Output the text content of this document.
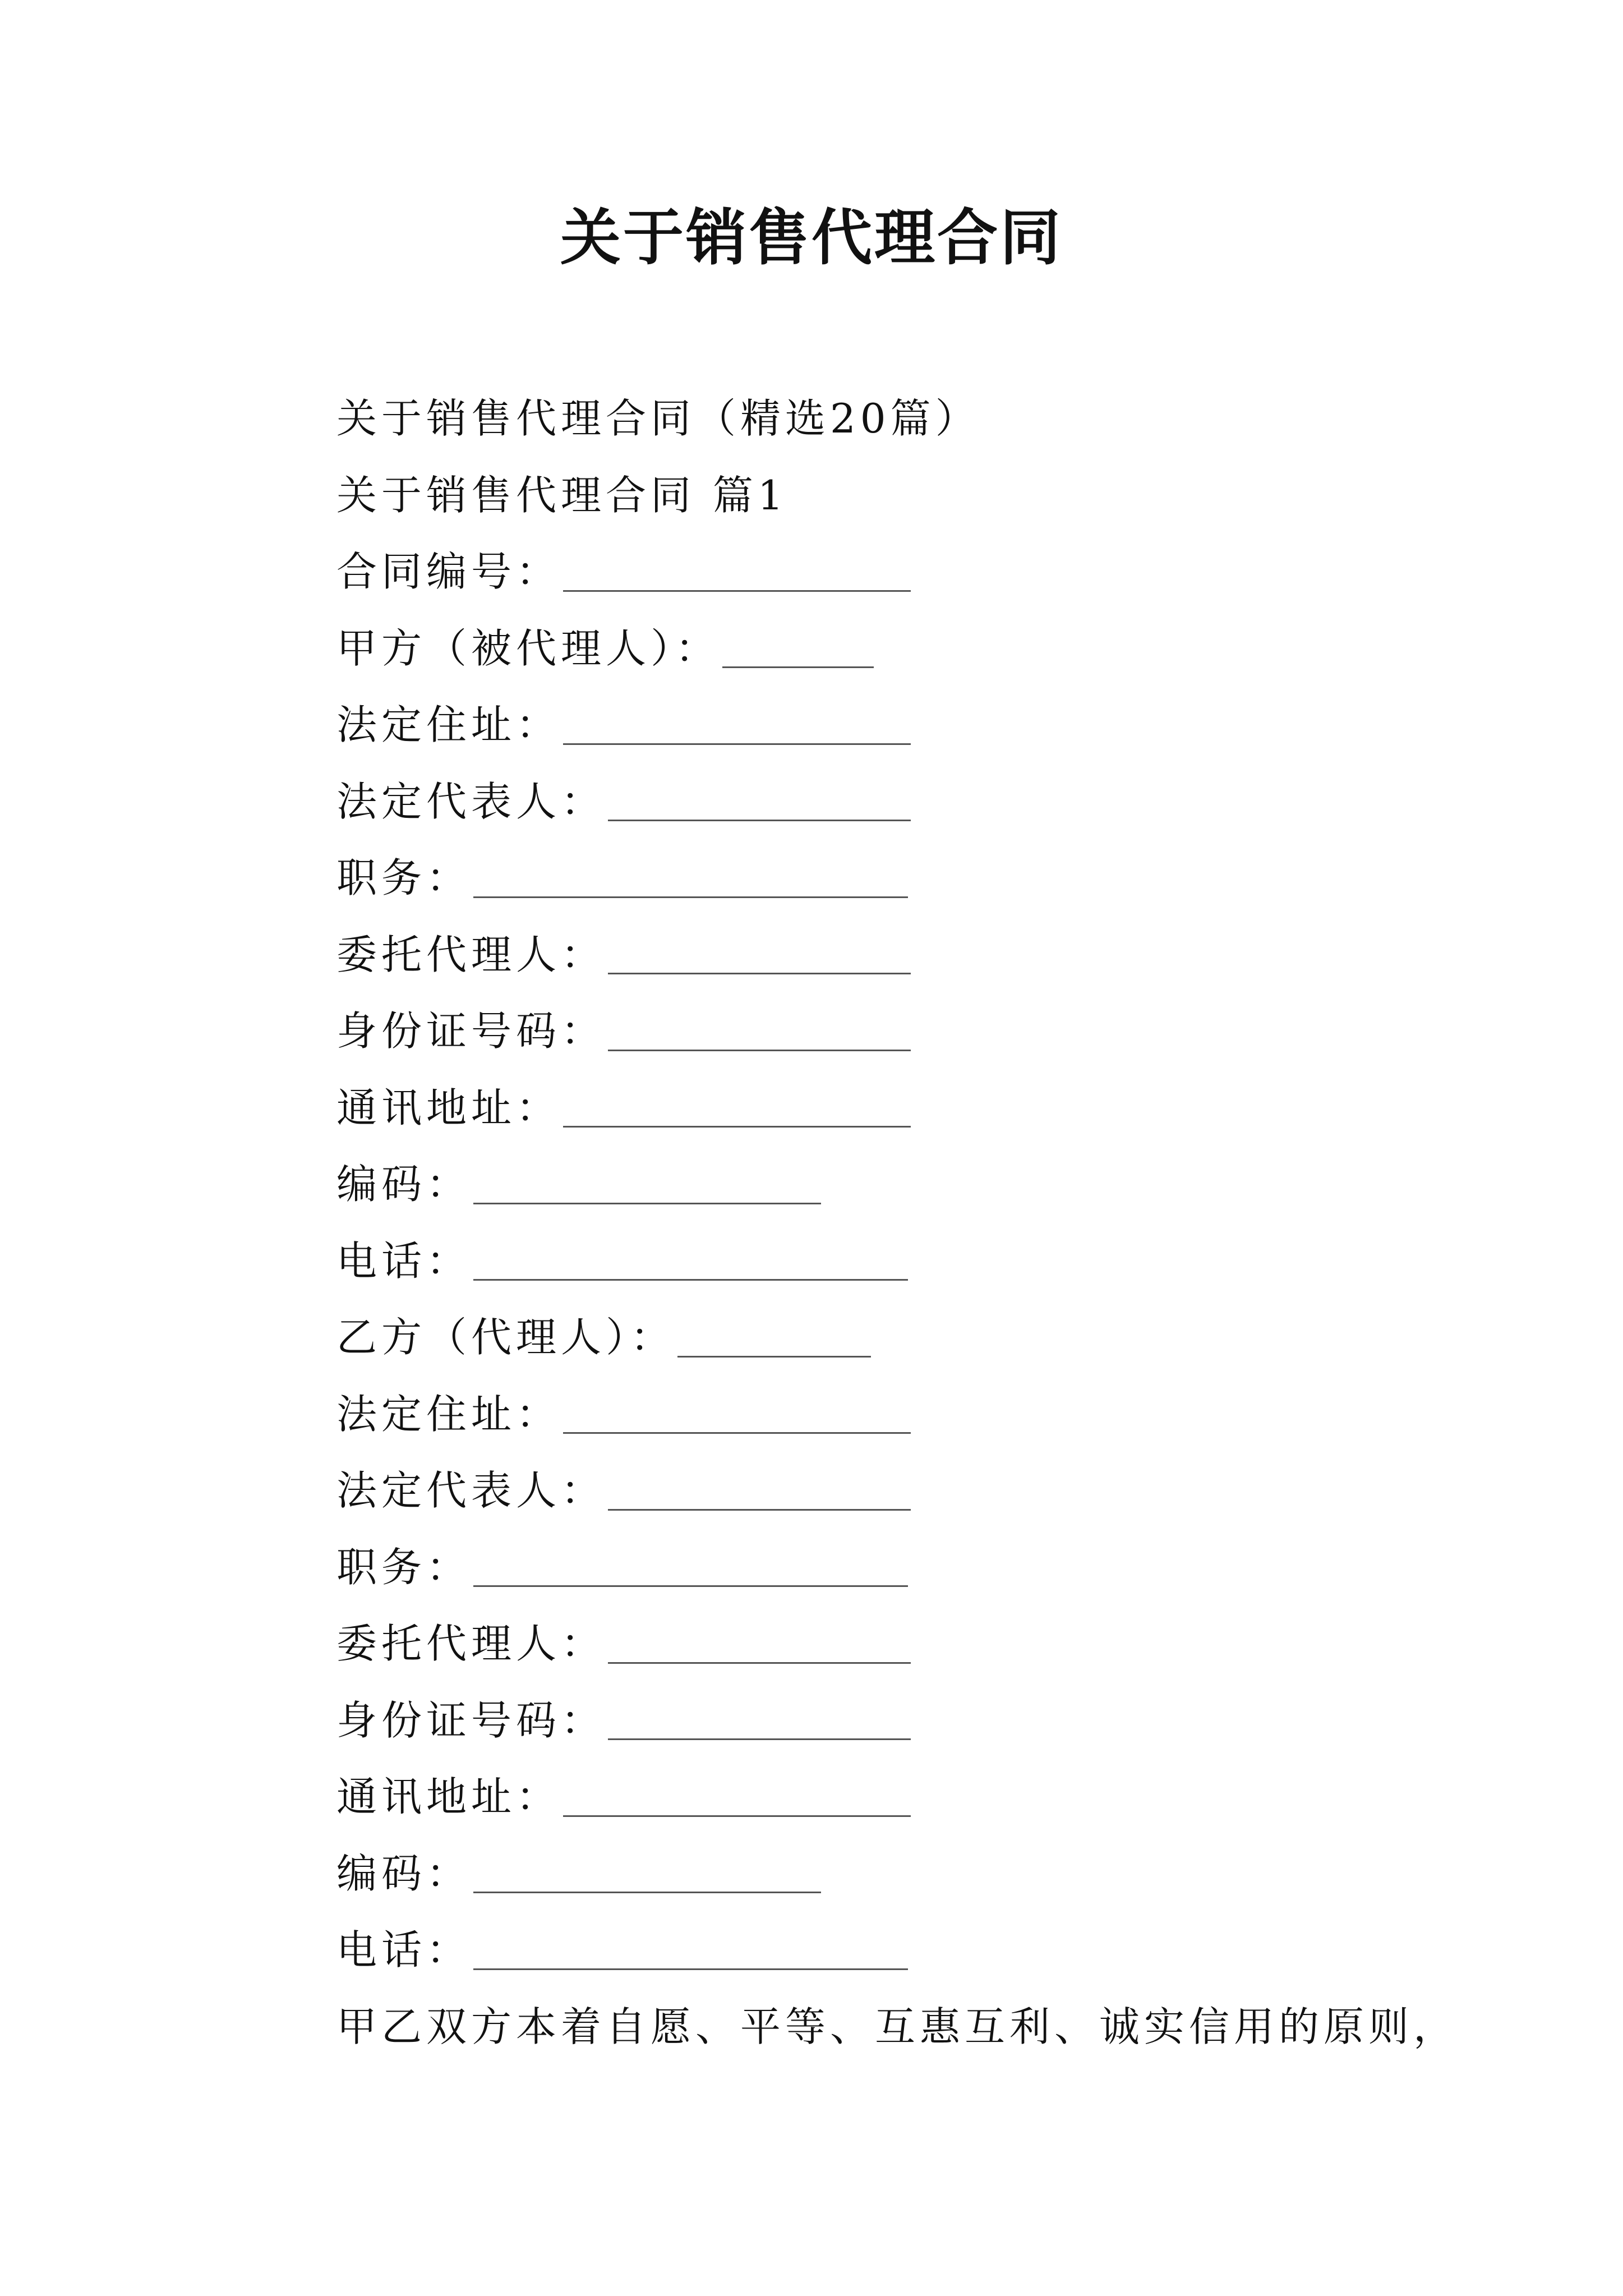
关于销售代理合同
关于销售代理合同（精选20篇）
关于销售代理合同 篇1
合同编号：
甲方（被代理人）：
法定住址：
法定代表人：
职务：
委托代理人：
身份证号码：
通讯地址：
编码：
电话：
乙方（代理人）：
法定住址：
法定代表人：
职务：
委托代理人：
身份证号码：
通讯地址：
编码：
电话：
甲乙双方本着自愿、平等、互惠互利、诚实信用的原则，
